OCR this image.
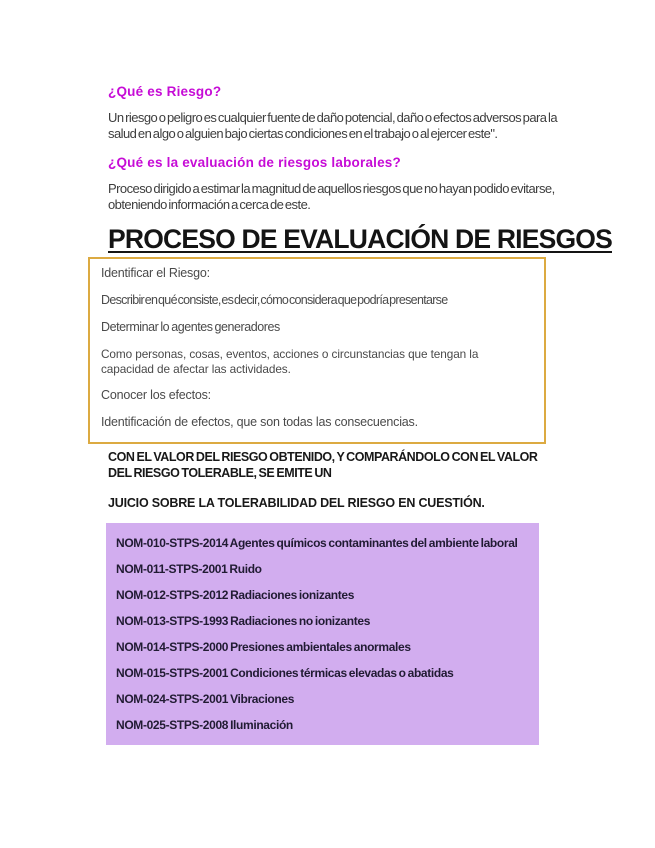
¿Qué es Riesgo?

Un riesgo o peligro es cualquier fuente de daño potencial, daño o efectos adversos para la salud en algo o alguien bajo ciertas condiciones en el trabajo o al ejercer este".

¿Qué es la evaluación de riesgos laborales?

Proceso dirigido a estimar la magnitud de aquellos riesgos que no hayan podido evitarse, obteniendo información a cerca de este.

PROCESO DE EVALUACIÓN DE RIESGOS

Identificar el Riesgo:

Describir en qué consiste, es decir, cómo considera que podría presentarse

Determinar lo agentes generadores

Como personas, cosas, eventos, acciones o circunstancias que tengan la capacidad de afectar las actividades.

Conocer los efectos:

Identificación de efectos, que son todas las consecuencias.

CON EL VALOR DEL RIESGO OBTENIDO, Y COMPARÁNDOLO CON EL VALOR DEL RIESGO TOLERABLE, SE EMITE UN

JUICIO SOBRE LA TOLERABILIDAD DEL RIESGO EN CUESTIÓN.

NOM-010-STPS-2014 Agentes químicos contaminantes del ambiente laboral
NOM-011-STPS-2001 Ruido
NOM-012-STPS-2012 Radiaciones ionizantes
NOM-013-STPS-1993 Radiaciones no ionizantes
NOM-014-STPS-2000 Presiones ambientales anormales
NOM-015-STPS-2001 Condiciones térmicas elevadas o abatidas
NOM-024-STPS-2001 Vibraciones
NOM-025-STPS-2008 Iluminación
